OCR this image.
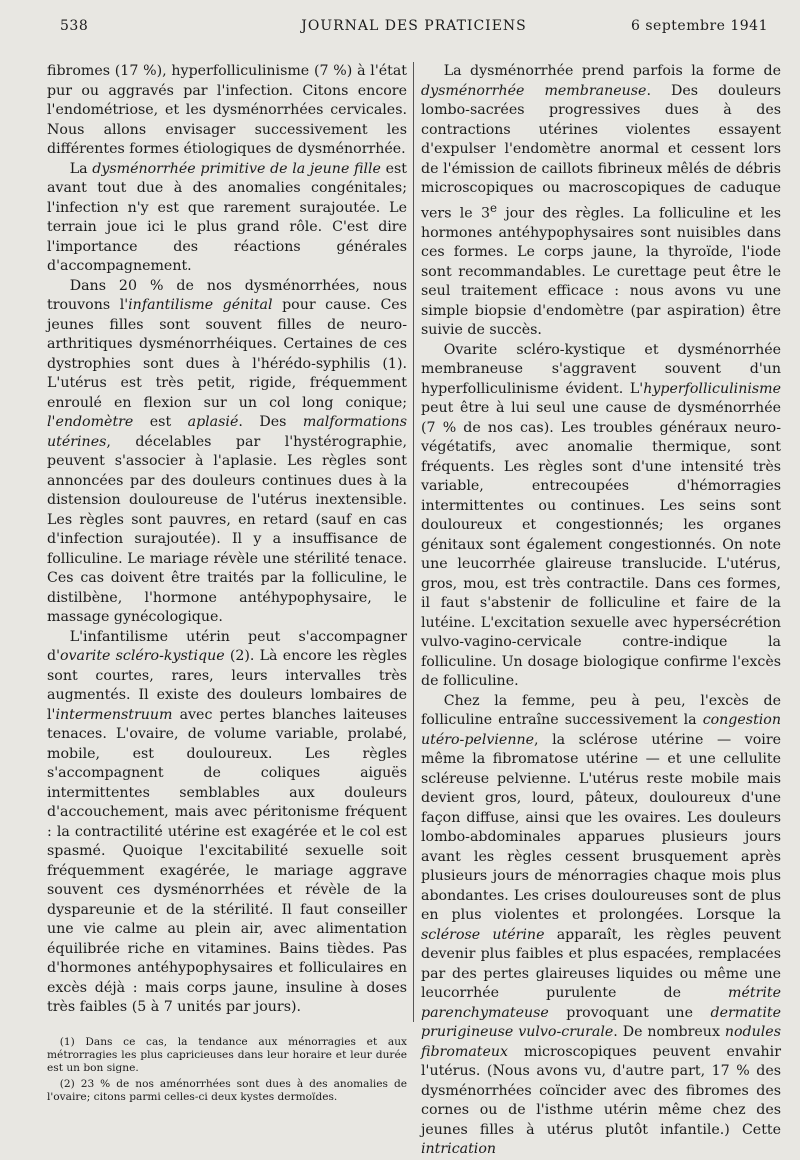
538	JOURNAL DES PRATICIENS	6 septembre 1941

fibromes (17 %), hyperfolliculinisme (7 %) à l'état pur ou aggravés par l'infection. Citons encore l'endométriose, et les dysménorrhées cervicales. Nous allons envisager successivement les différentes formes étiologiques de dysménorrhée.

La dysménorrhée primitive de la jeune fille est avant tout due à des anomalies congénitales; l'infection n'y est que rarement surajoutée. Le terrain joue ici le plus grand rôle. C'est dire l'importance des réactions générales d'accompagnement.

Dans 20 % de nos dysménorrhées, nous trouvons l'infantilisme génital pour cause. Ces jeunes filles sont souvent filles de neuro-arthritiques dysménorrhéiques. Certaines de ces dystrophies sont dues à l'hérédo-syphilis (1). L'utérus est très petit, rigide, fréquemment enroulé en flexion sur un col long conique; l'endomètre est aplasié. Des malformations utérines, décelables par l'hystérographie, peuvent s'associer à l'aplasie. Les règles sont annoncées par des douleurs continues dues à la distension douloureuse de l'utérus inextensible. Les règles sont pauvres, en retard (sauf en cas d'infection surajoutée). Il y a insuffisance de folliculine. Le mariage révèle une stérilité tenace. Ces cas doivent être traités par la folliculine, le distilbène, l'hormone antéhypophysaire, le massage gynécologique.

L'infantilisme utérin peut s'accompagner d'ovarite scléro-kystique (2). Là encore les règles sont courtes, rares, leurs intervalles très augmentés. Il existe des douleurs lombaires de l'intermenstruum avec pertes blanches laiteuses tenaces. L'ovaire, de volume variable, prolabé, mobile, est douloureux. Les règles s'accompagnent de coliques aiguës intermittentes semblables aux douleurs d'accouchement, mais avec péritonisme fréquent : la contractilité utérine est exagérée et le col est spasmé. Quoique l'excitabilité sexuelle soit fréquemment exagérée, le mariage aggrave souvent ces dysménorrhées et révèle de la dyspareunie et de la stérilité. Il faut conseiller une vie calme au plein air, avec alimentation équilibrée riche en vitamines. Bains tièdes. Pas d'hormones antéhypophysaires et folliculaires en excès déjà : mais corps jaune, insuline à doses très faibles (5 à 7 unités par jours).

(1) Dans ce cas, la tendance aux ménorragies et aux métrorragies les plus capricieuses dans leur horaire et leur durée est un bon signe.

(2) 23 % de nos aménorrhées sont dues à des anomalies de l'ovaire; citons parmi celles-ci deux kystes dermoïdes.

La dysménorrhée prend parfois la forme de dysménorrhée membraneuse. Des douleurs lombo-sacrées progressives dues à des contractions utérines violentes essayent d'expulser l'endomètre anormal et cessent lors de l'émission de caillots fibrineux mêlés de débris microscopiques ou macroscopiques de caduque vers le 3e jour des règles. La folliculine et les hormones antéhypophysaires sont nuisibles dans ces formes. Le corps jaune, la thyroïde, l'iode sont recommandables. Le curettage peut être le seul traitement efficace : nous avons vu une simple biopsie d'endomètre (par aspiration) être suivie de succès.

Ovarite scléro-kystique et dysménorrhée membraneuse s'aggravent souvent d'un hyperfolliculinisme évident. L'hyperfolliculinisme peut être à lui seul une cause de dysménorrhée (7 % de nos cas). Les troubles généraux neuro-végétatifs, avec anomalie thermique, sont fréquents. Les règles sont d'une intensité très variable, entrecoupées d'hémorragies intermittentes ou continues. Les seins sont douloureux et congestionnés; les organes génitaux sont également congestionnés. On note une leucorrhée glaireuse translucide. L'utérus, gros, mou, est très contractile. Dans ces formes, il faut s'abstenir de folliculine et faire de la lutéine. L'excitation sexuelle avec hypersécrétion vulvo-vagino-cervicale contre-indique la folliculine. Un dosage biologique confirme l'excès de folliculine.

Chez la femme, peu à peu, l'excès de folliculine entraîne successivement la congestion utéro-pelvienne, la sclérose utérine — voire même la fibromatose utérine — et une cellulite scléreuse pelvienne. L'utérus reste mobile mais devient gros, lourd, pâteux, douloureux d'une façon diffuse, ainsi que les ovaires. Les douleurs lombo-abdominales apparues plusieurs jours avant les règles cessent brusquement après plusieurs jours de ménorragies chaque mois plus abondantes. Les crises douloureuses sont de plus en plus violentes et prolongées. Lorsque la sclérose utérine apparaît, les règles peuvent devenir plus faibles et plus espacées, remplacées par des pertes glaireuses liquides ou même une leucorrhée purulente de métrite parenchymateuse provoquant une dermatite prurigineuse vulvo-crurale. De nombreux nodules fibromateux microscopiques peuvent envahir l'utérus. (Nous avons vu, d'autre part, 17 % des dysménorrhées coïncider avec des fibromes des cornes ou de l'isthme utérin même chez des jeunes filles à utérus plutôt infantile.) Cette intrication
